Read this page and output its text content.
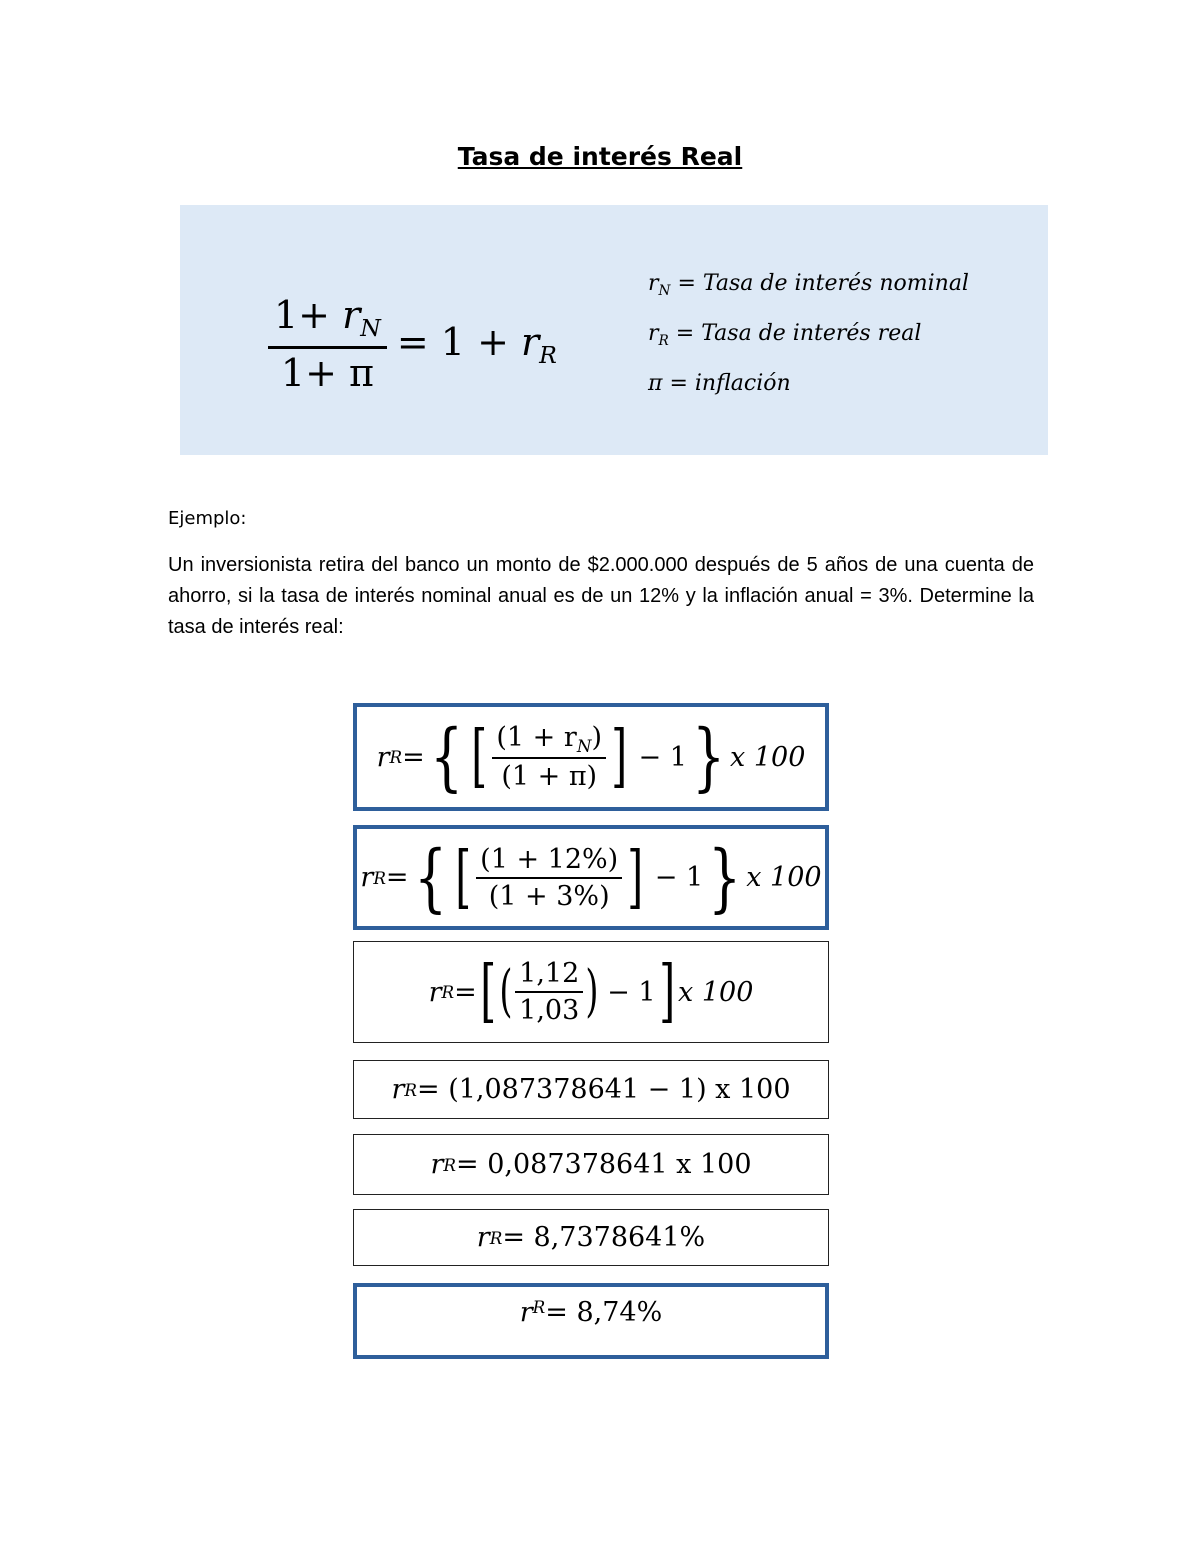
Tasa de interés Real
$\frac{1+ r_N}{1+ \pi} = 1 + r_R$
$r_N$ = Tasa de interés nominal
$r_R$ = Tasa de interés real
π = inflación
Ejemplo:
Un inversionista retira del banco un monto de $2.000.000 después de 5 años de una cuenta de ahorro, si la tasa de interés nominal anual es de un 12% y la inflación anual = 3%. Determine la tasa de interés real:
r R = { [ $(1 + r_N)$
(1 + π) ] − 1 } x 100
r R = { [ (1 + 12%)
(1 + 3%) ] − 1 } x 100
r R = [ ( 1,12
1,03 ) − 1 ] x 100
r R = (1,087378641 − 1) x 100
r R = 0,087378641 x 100
r R = 8,7378641%
r R = 8,74%
